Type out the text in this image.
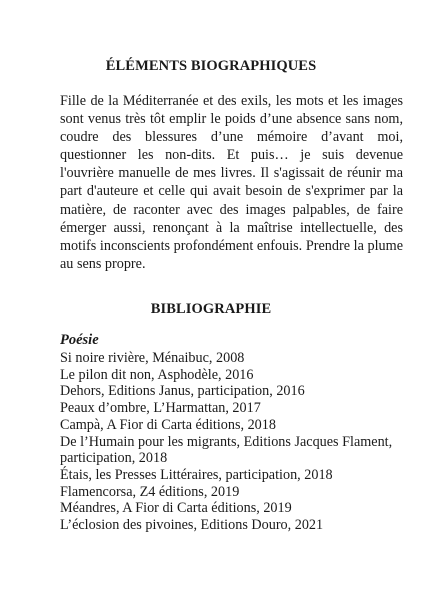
ÉLÉMENTS BIOGRAPHIQUES

Fille de la Méditerranée et des exils, les mots et les images sont venus très tôt emplir le poids d’une absence sans nom, coudre des blessures d’une mémoire d’avant moi, questionner les non-dits. Et puis… je suis devenue l'ouvrière manuelle de mes livres. Il s'agissait de réunir ma part d'auteure et celle qui avait besoin de s'exprimer par la matière, de raconter avec des images palpables, de faire émerger aussi, renonçant à la maîtrise intellectuelle, des motifs inconscients profondément enfouis. Prendre la plume au sens propre.

BIBLIOGRAPHIE

Poésie

Si noire rivière, Ménaibuc, 2008
Le pilon dit non, Asphodèle, 2016
Dehors, Editions Janus, participation, 2016
Peaux d’ombre, L’Harmattan, 2017
Campà, A Fior di Carta éditions, 2018
De l’Humain pour les migrants, Editions Jacques Flament, participation, 2018
Étais, les Presses Littéraires, participation, 2018
Flamencorsa, Z4 éditions, 2019
Méandres, A Fior di Carta éditions, 2019
L’éclosion des pivoines, Editions Douro, 2021
